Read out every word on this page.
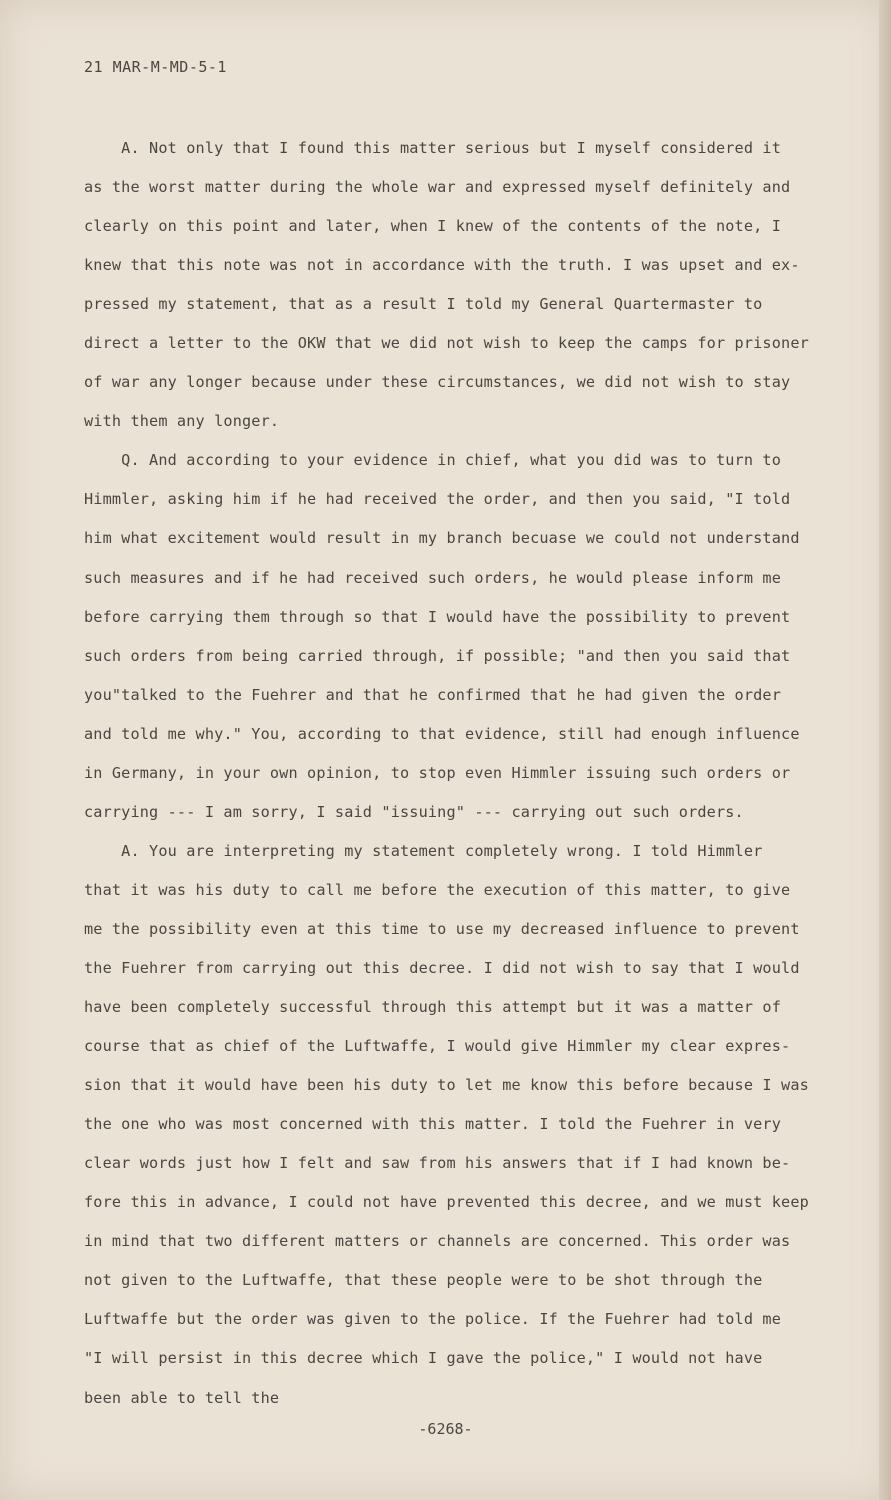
21 MAR-M-MD-5-1
A. Not only that I found this matter serious but I myself considered it
as the worst matter during the whole war and expressed myself definitely and
clearly on this point and later, when I knew of the contents of the note, I
knew that this note was not in accordance with the truth. I was upset and ex-
pressed my statement, that as a result I told my General Quartermaster to
direct a letter to the OKW that we did not wish to keep the camps for prisoner
of war any longer because under these circumstances, we did not wish to stay
with them any longer.
Q. And according to your evidence in chief, what you did was to turn to
Himmler, asking him if he had received the order, and then you said, "I told
him what excitement would result in my branch becuase we could not understand
such measures and if he had received such orders, he would please inform me
before carrying them through so that I would have the possibility to prevent
such orders from being carried through, if possible; "and then you said that
you"talked to the Fuehrer and that he confirmed that he had given the order
and told me why." You, according to that evidence, still had enough influence
in Germany, in your own opinion, to stop even Himmler issuing such orders or
carrying --- I am sorry, I said "issuing" --- carrying out such orders.
A. You are interpreting my statement completely wrong. I told Himmler
that it was his duty to call me before the execution of this matter, to give
me the possibility even at this time to use my decreased influence to prevent
the Fuehrer from carrying out this decree. I did not wish to say that I would
have been completely successful through this attempt but it was a matter of
course that as chief of the Luftwaffe, I would give Himmler my clear expres-
sion that it would have been his duty to let me know this before because I was
the one who was most concerned with this matter. I told the Fuehrer in very
clear words just how I felt and saw from his answers that if I had known be-
fore this in advance, I could not have prevented this decree, and we must keep
in mind that two different matters or channels are concerned. This order was
not given to the Luftwaffe, that these people were to be shot through the
Luftwaffe but the order was given to the police. If the Fuehrer had told me
"I will persist in this decree which I gave the police," I would not have
been able to tell the
-6268-
